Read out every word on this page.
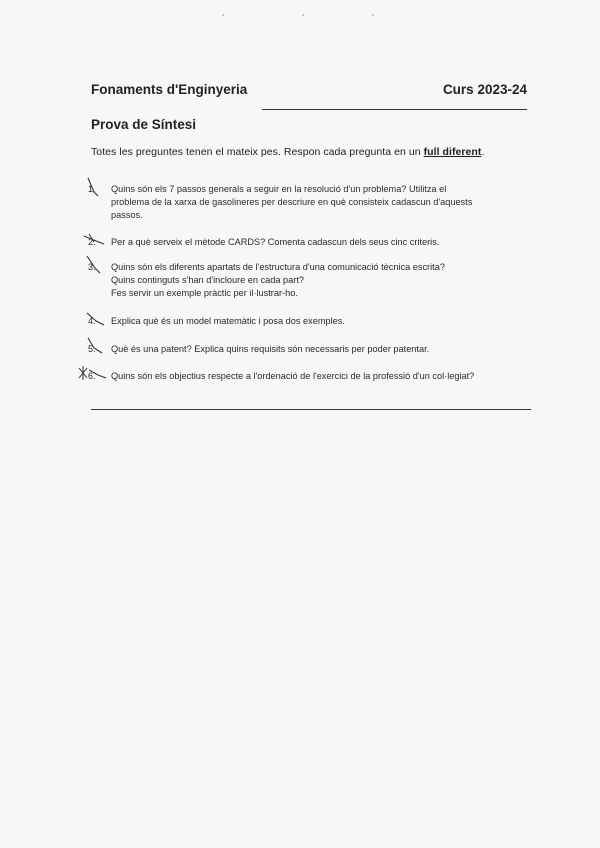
Fonaments d'Enginyeria	Curs 2023-24
Prova de Síntesi
Totes les preguntes tenen el mateix pes. Respon cada pregunta en un full diferent.
1. Quins són els 7 passos generals a seguir en la resolució d'un problema? Utilitza el
problema de la xarxa de gasolineres per descriure en què consisteix cadascun d'aquests
passos.
2. Per a què serveix el mètode CARDS? Comenta cadascun dels seus cinc criteris.
3. Quins són els diferents apartats de l'estructura d'una comunicació tècnica escrita?
Quins continguts s'han d'incloure en cada part?
Fes servir un exemple pràctic per il·lustrar-ho.
4. Explica què és un model matemàtic i posa dos exemples.
5. Què és una patent? Explica quins requisits són necessaris per poder patentar.
6. Quins són els objectius respecte a l'ordenació de l'exercici de la professió d'un col·legiat?
